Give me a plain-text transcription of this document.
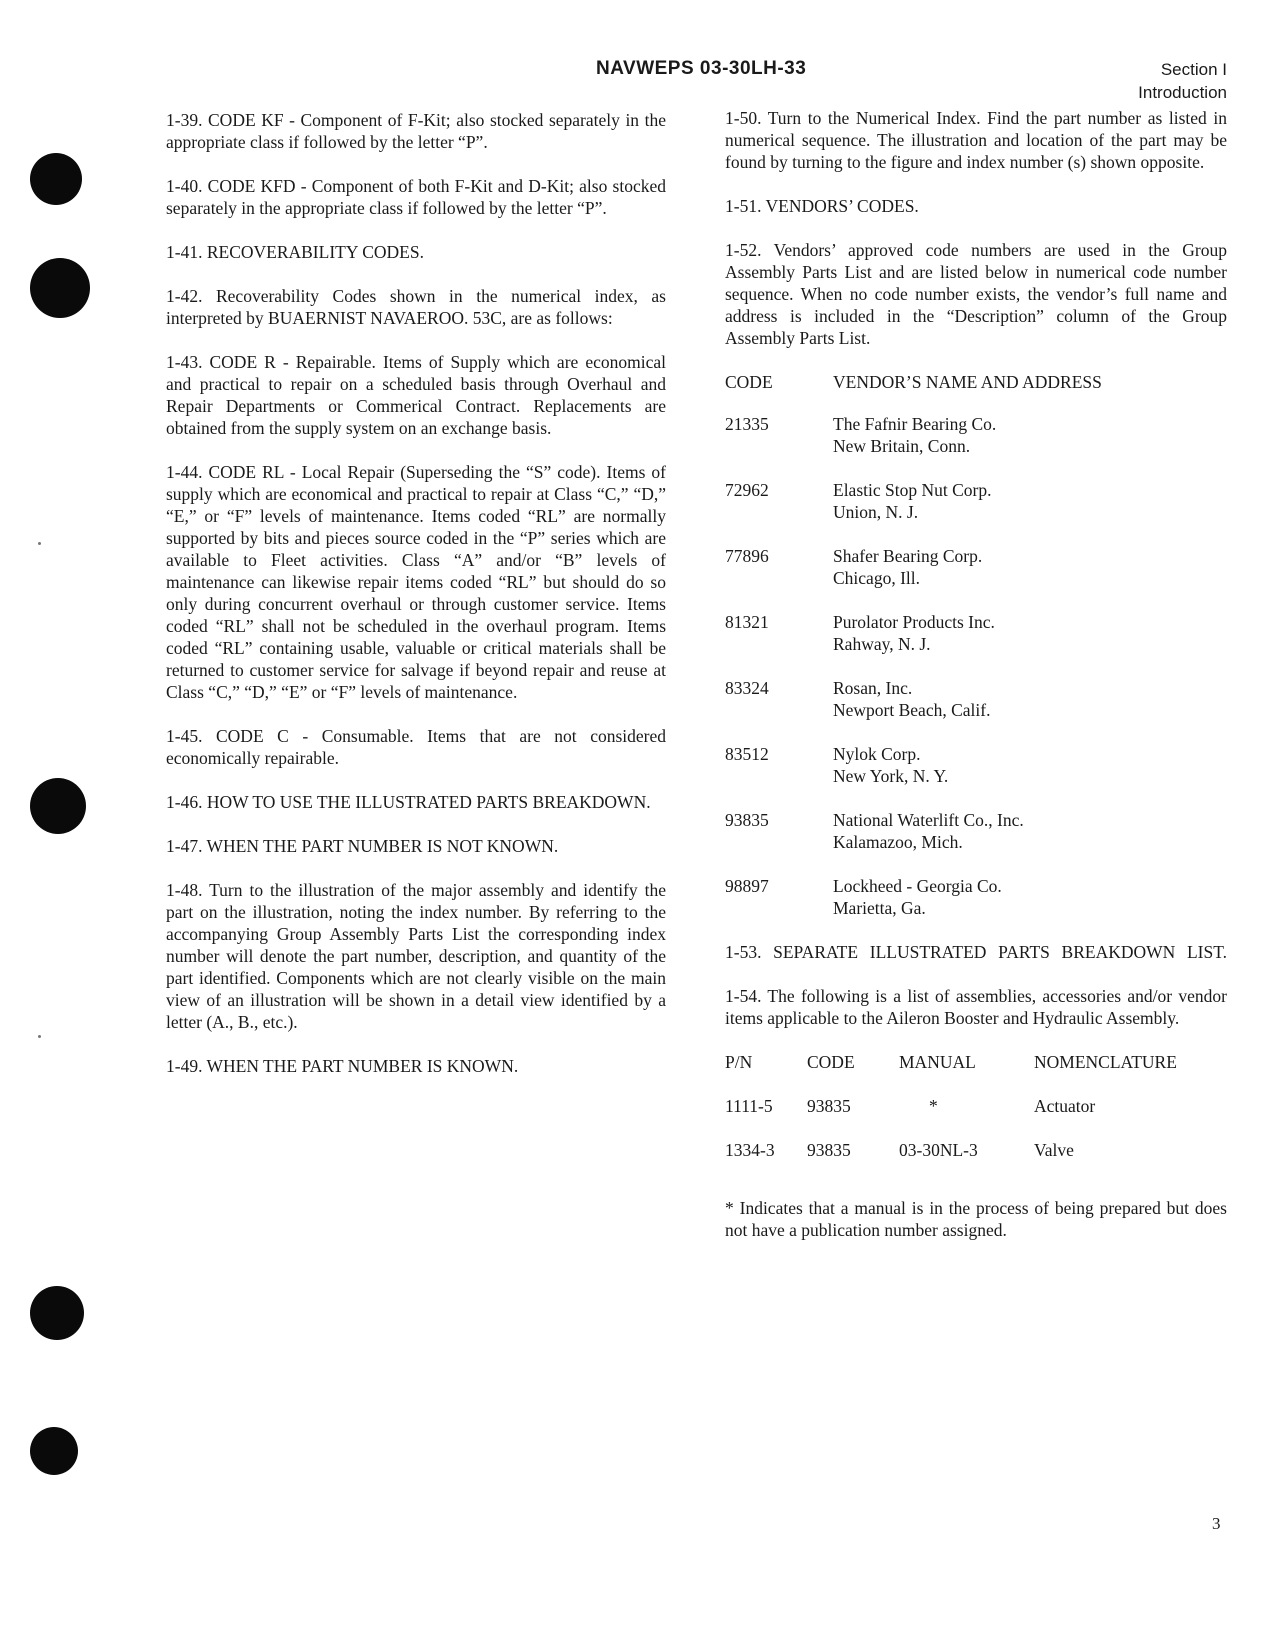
NAVWEPS 03-30LH-33	Section I
Introduction

1-39. CODE KF - Component of F-Kit; also stocked separately in the appropriate class if followed by the letter “P”.

1-40. CODE KFD - Component of both F-Kit and D-Kit; also stocked separately in the appropriate class if followed by the letter “P”.

1-41. RECOVERABILITY CODES.

1-42. Recoverability Codes shown in the numerical index, as interpreted by BUAERNIST NAVAEROO. 53C, are as follows:

1-43. CODE R - Repairable. Items of Supply which are economical and practical to repair on a scheduled basis through Overhaul and Repair Departments or Commerical Contract. Replacements are obtained from the supply system on an exchange basis.

1-44. CODE RL - Local Repair (Superseding the “S” code). Items of supply which are economical and practical to repair at Class “C,” “D,” “E,” or “F” levels of maintenance. Items coded “RL” are normally supported by bits and pieces source coded in the “P” series which are available to Fleet activities. Class “A” and/or “B” levels of maintenance can likewise repair items coded “RL” but should do so only during concurrent overhaul or through customer service. Items coded “RL” shall not be scheduled in the overhaul program. Items coded “RL” containing usable, valuable or critical materials shall be returned to customer service for salvage if beyond repair and reuse at Class “C,” “D,” “E” or “F” levels of maintenance.

1-45. CODE C - Consumable. Items that are not considered economically repairable.

1-46. HOW TO USE THE ILLUSTRATED PARTS BREAKDOWN.

1-47. WHEN THE PART NUMBER IS NOT KNOWN.

1-48. Turn to the illustration of the major assembly and identify the part on the illustration, noting the index number. By referring to the accompanying Group Assembly Parts List the corresponding index number will denote the part number, description, and quantity of the part identified. Components which are not clearly visible on the main view of an illustration will be shown in a detail view identified by a letter (A., B., etc.).

1-49. WHEN THE PART NUMBER IS KNOWN.

1-50. Turn to the Numerical Index. Find the part number as listed in numerical sequence. The illustration and location of the part may be found by turning to the figure and index number (s) shown opposite.

1-51. VENDORS’ CODES.

1-52. Vendors’ approved code numbers are used in the Group Assembly Parts List and are listed below in numerical code number sequence. When no code number exists, the vendor’s full name and address is included in the “Description” column of the Group Assembly Parts List.

CODE	VENDOR’S NAME AND ADDRESS
21335	The Fafnir Bearing Co.
New Britain, Conn.
72962	Elastic Stop Nut Corp.
Union, N. J.
77896	Shafer Bearing Corp.
Chicago, Ill.
81321	Purolator Products Inc.
Rahway, N. J.
83324	Rosan, Inc.
Newport Beach, Calif.
83512	Nylok Corp.
New York, N. Y.
93835	National Waterlift Co., Inc.
Kalamazoo, Mich.
98897	Lockheed - Georgia Co.
Marietta, Ga.

1-53. SEPARATE ILLUSTRATED PARTS BREAKDOWN LIST.

1-54. The following is a list of assemblies, accessories and/or vendor items applicable to the Aileron Booster and Hydraulic Assembly.

P/N	CODE	MANUAL	NOMENCLATURE
1111-5	93835	*	Actuator
1334-3	93835	03-30NL-3	Valve

* Indicates that a manual is in the process of being prepared but does not have a publication number assigned.

3
